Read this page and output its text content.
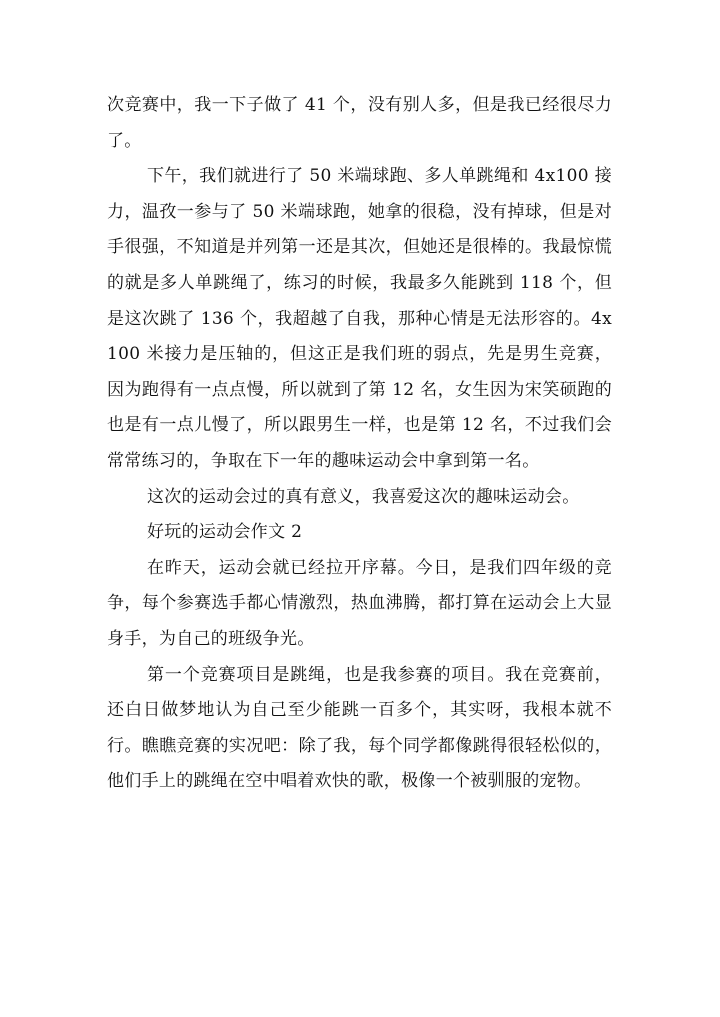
次竞赛中，我一下子做了 41 个，没有别人多，但是我已经很尽力了。

下午，我们就进行了 50 米端球跑、多人单跳绳和 4x100 接力，温孜一参与了 50 米端球跑，她拿的很稳，没有掉球，但是对手很强，不知道是并列第一还是其次，但她还是很棒的。我最惊慌的就是多人单跳绳了，练习的时候，我最多久能跳到 118 个，但是这次跳了 136 个，我超越了自我，那种心情是无法形容的。4x100 米接力是压轴的，但这正是我们班的弱点，先是男生竞赛，因为跑得有一点点慢，所以就到了第 12 名，女生因为宋笑硕跑的也是有一点儿慢了，所以跟男生一样，也是第 12 名，不过我们会常常练习的，争取在下一年的趣味运动会中拿到第一名。

这次的运动会过的真有意义，我喜爱这次的趣味运动会。

好玩的运动会作文 2

在昨天，运动会就已经拉开序幕。今日，是我们四年级的竞争，每个参赛选手都心情激烈，热血沸腾，都打算在运动会上大显身手，为自己的班级争光。

第一个竞赛项目是跳绳，也是我参赛的项目。我在竞赛前，还白日做梦地认为自己至少能跳一百多个，其实呀，我根本就不行。瞧瞧竞赛的实况吧：除了我，每个同学都像跳得很轻松似的，他们手上的跳绳在空中唱着欢快的歌，极像一个被驯服的宠物。
